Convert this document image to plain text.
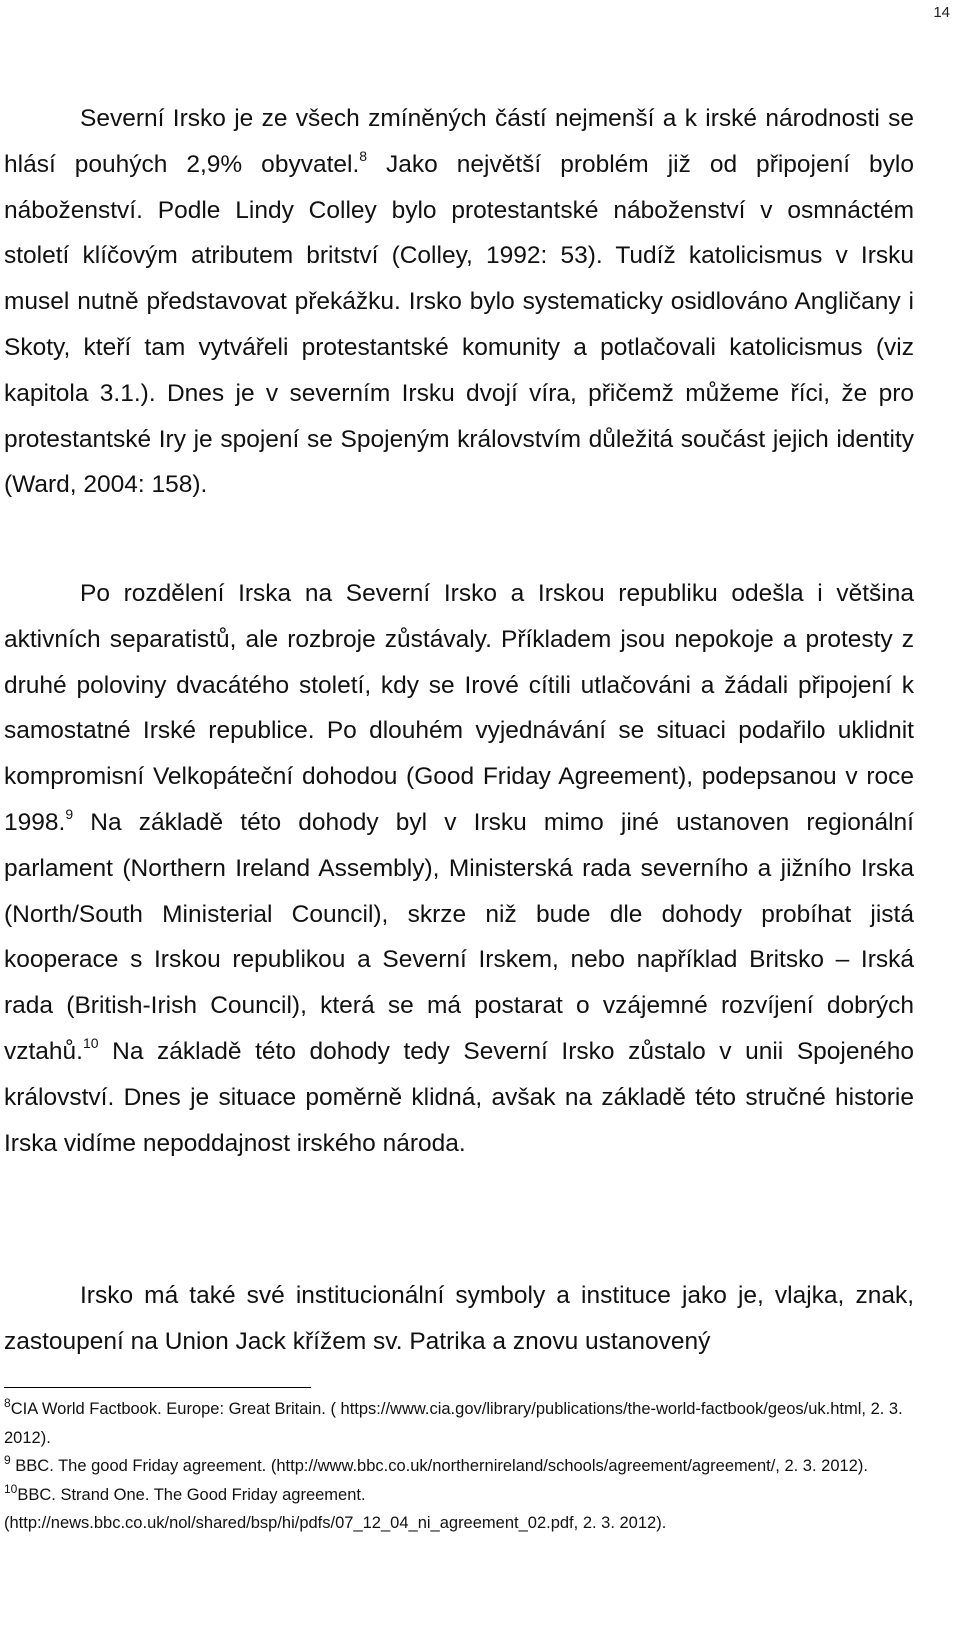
14

Severní Irsko je ze všech zmíněných částí nejmenší a k irské národnosti se hlásí pouhých 2,9% obyvatel.$^8$ Jako největší problém již od připojení bylo náboženství. Podle Lindy Colley bylo protestantské náboženství v osmnáctém století klíčovým atributem britství (Colley, 1992: 53). Tudíž katolicismus v Irsku musel nutně představovat překážku. Irsko bylo systematicky osidlováno Angličany i Skoty, kteří tam vytvářeli protestantské komunity a potlačovali katolicismus (viz kapitola 3.1.). Dnes je v severním Irsku dvojí víra, přičemž můžeme říci, že pro protestantské Iry je spojení se Spojeným královstvím důležitá součást jejich identity (Ward, 2004: 158).

Po rozdělení Irska na Severní Irsko a Irskou republiku odešla i většina aktivních separatistů, ale rozbroje zůstávaly. Příkladem jsou nepokoje a protesty z druhé poloviny dvacátého století, kdy se Irové cítili utlačováni a žádali připojení k samostatné Irské republice. Po dlouhém vyjednávání se situaci podařilo uklidnit kompromisní Velkopáteční dohodou (Good Friday Agreement), podepsanou v roce 1998.$^9$ Na základě této dohody byl v Irsku mimo jiné ustanoven regionální parlament (Northern Ireland Assembly), Ministerská rada severního a jižního Irska (North/South Ministerial Council), skrze niž bude dle dohody probíhat jistá kooperace s Irskou republikou a Severní Irskem, nebo například Britsko – Irská rada (British-Irish Council), která se má postarat o vzájemné rozvíjení dobrých vztahů.$^{10}$ Na základě této dohody tedy Severní Irsko zůstalo v unii Spojeného království. Dnes je situace poměrně klidná, avšak na základě této stručné historie Irska vidíme nepoddajnost irského národa.

Irsko má také své institucionální symboly a instituce jako je, vlajka, znak, zastoupení na Union Jack křížem sv. Patrika a znovu ustanovený

$^8$CIA World Factbook. Europe: Great Britain. ( https://www.cia.gov/library/publications/the-world-factbook/geos/uk.html, 2. 3. 2012).

$^9$ BBC. The good Friday agreement. (http://www.bbc.co.uk/northernireland/schools/agreement/agreement/, 2. 3. 2012).

$^{10}$BBC. Strand One. The Good Friday agreement. (http://news.bbc.co.uk/nol/shared/bsp/hi/pdfs/07_12_04_ni_agreement_02.pdf, 2. 3. 2012).
